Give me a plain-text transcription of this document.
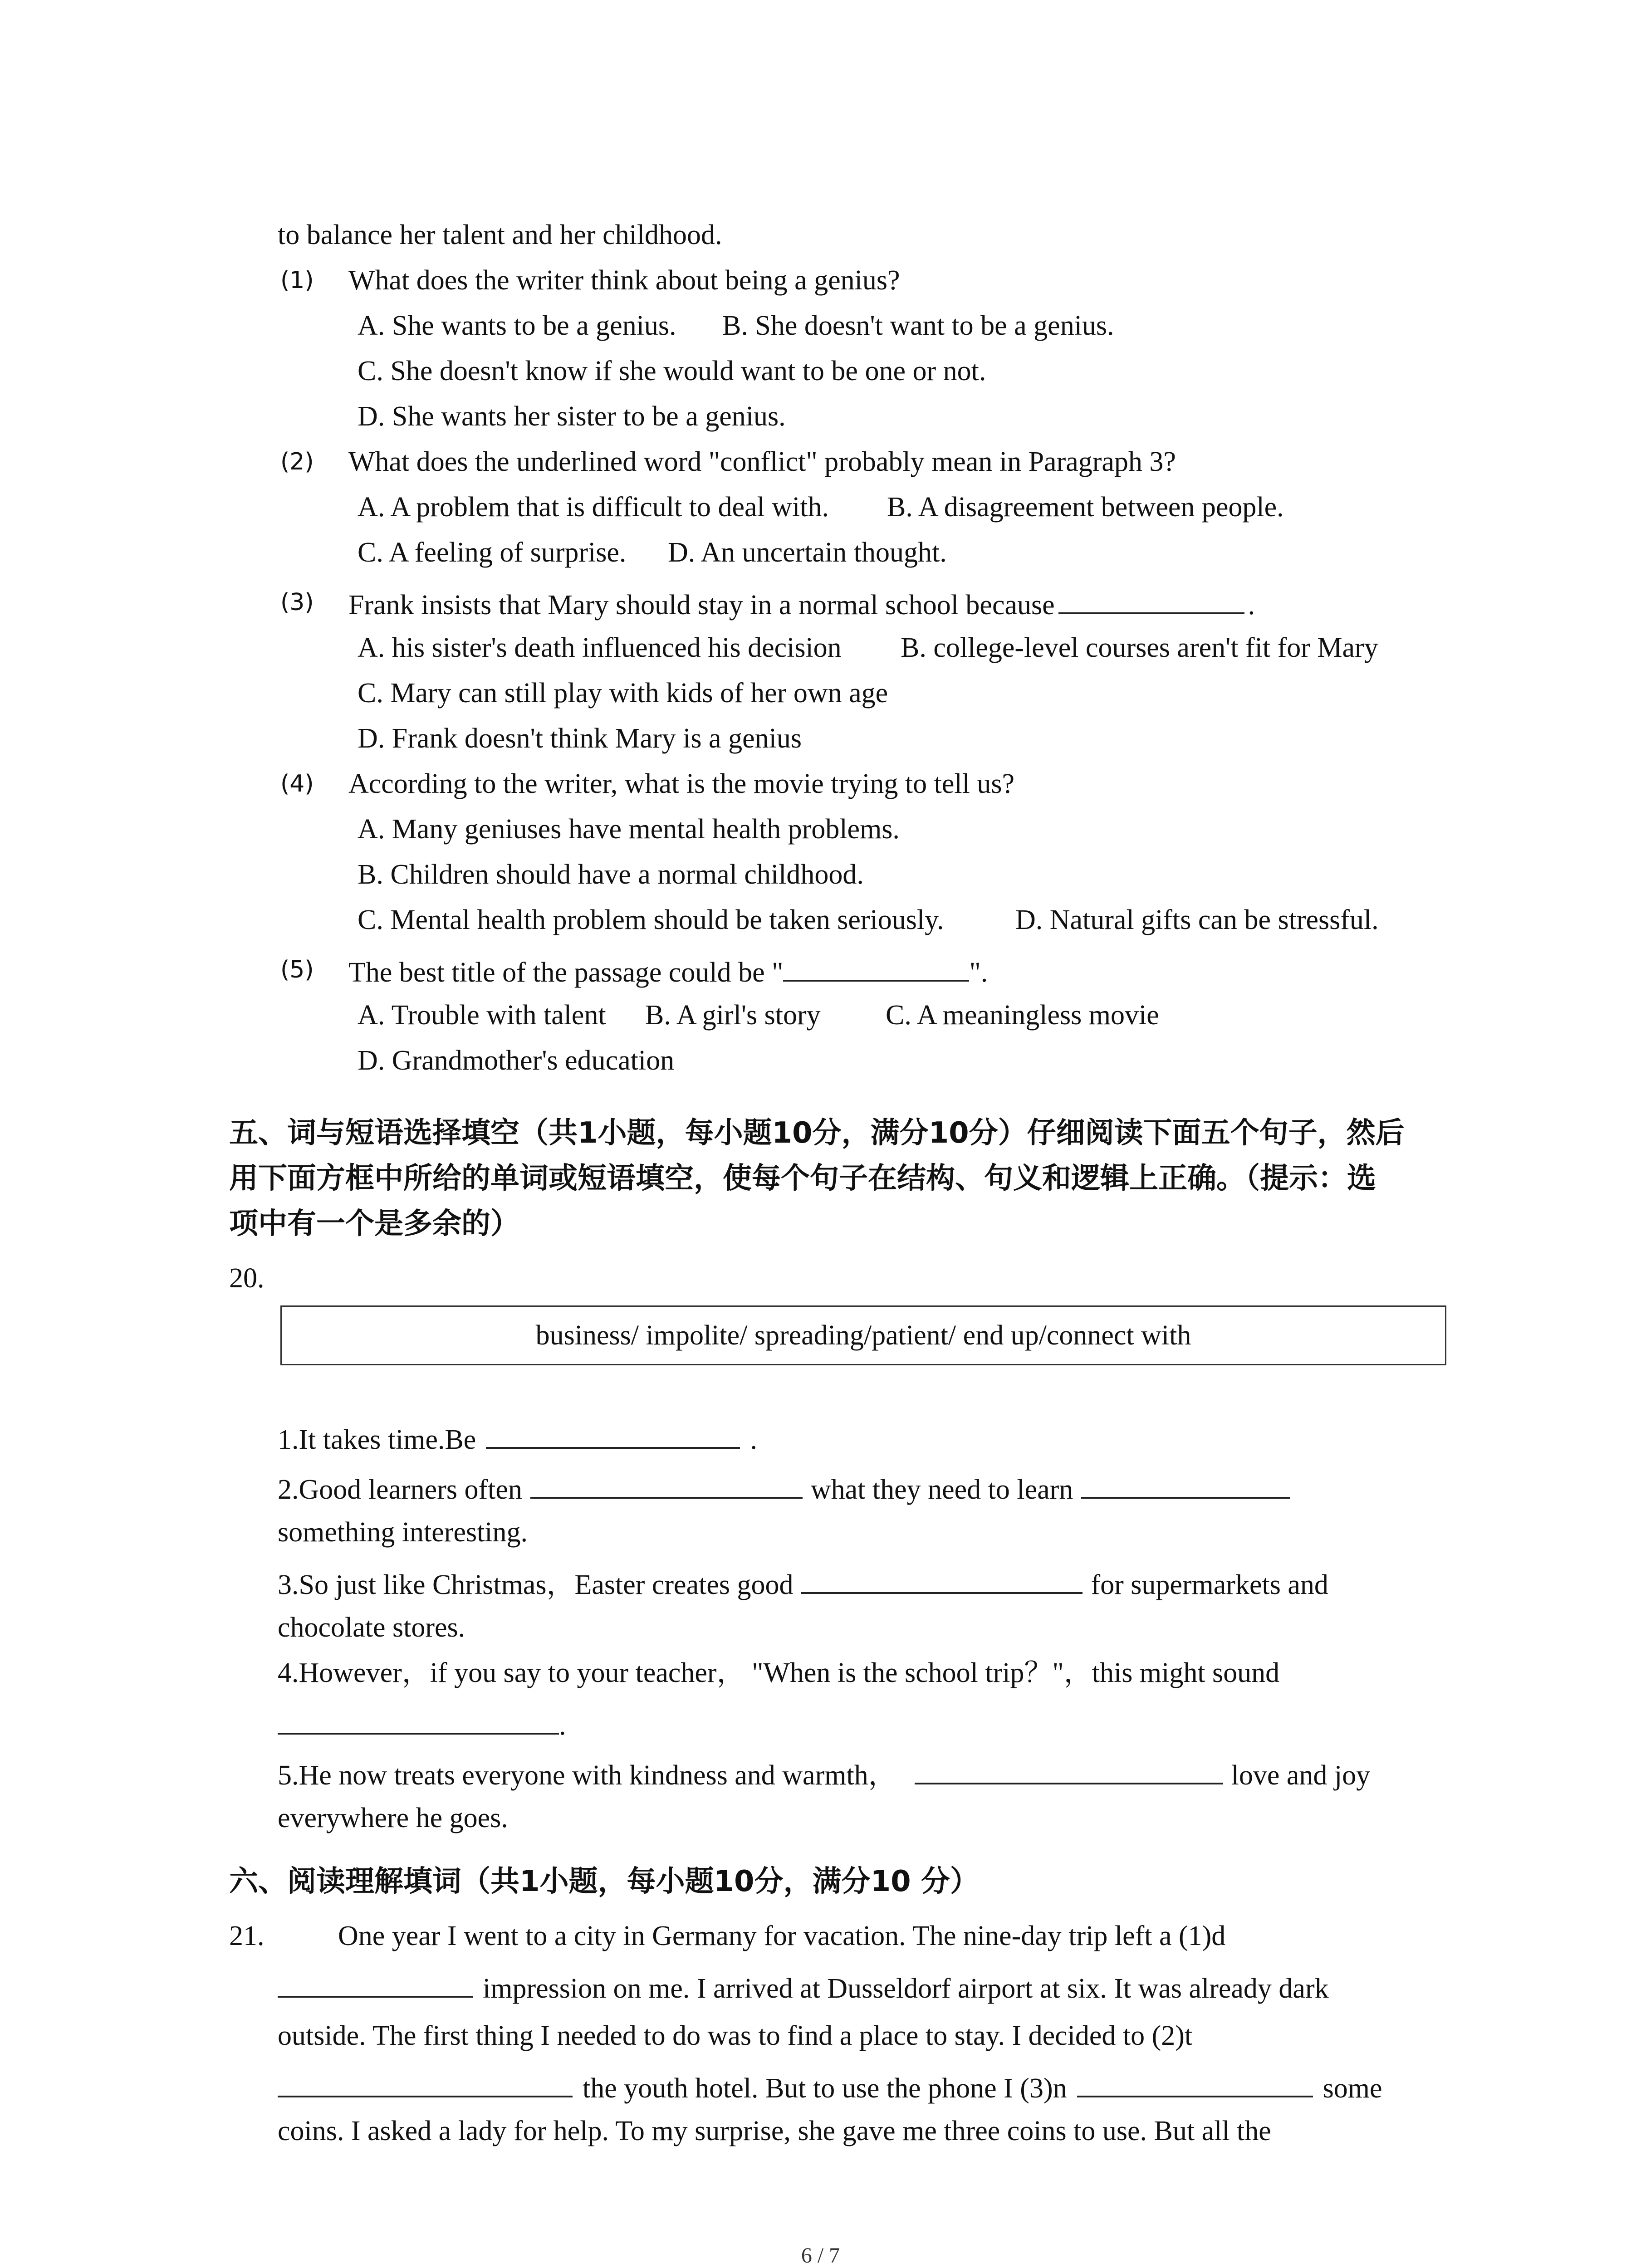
to balance her talent and her childhood.
(1) What does the writer think about being a genius?
A. She wants to be a genius. B. She doesn't want to be a genius.
C. She doesn't know if she would want to be one or not.
D. She wants her sister to be a genius.
(2) What does the underlined word "conflict" probably mean in Paragraph 3?
A. A problem that is difficult to deal with. B. A disagreement between people.
C. A feeling of surprise. D. An uncertain thought.
(3) Frank insists that Mary should stay in a normal school because	.
A. his sister's death influenced his decision B. college-level courses aren't fit for Mary
C. Mary can still play with kids of her own age
D. Frank doesn't think Mary is a genius
(4) According to the writer, what is the movie trying to tell us?
A. Many geniuses have mental health problems.
B. Children should have a normal childhood.
C. Mental health problem should be taken seriously.	D. Natural gifts can be stressful.
(5) The best title of the passage could be "	".
A. Trouble with talent B. A girl's story C. A meaningless movie
D. Grandmother's education
五、词与短语选择填空（共1小题，每小题10分，满分10分）仔细阅读下面五个句子，然后
用下面方框中所给的单词或短语填空，使每个句子在结构、句义和逻辑上正确。（提示：选
项中有一个是多余的）
20.
business/ impolite/ spreading/patient/ end up/connect with
1.It takes time.Be	.
2.Good learners often	what they need to learn
something interesting.
3.So just like Christmas，Easter creates good	for supermarkets and
chocolate stores.
4.However，if you say to your teacher， "When is the school trip？"，this might sound
.
5.He now treats everyone with kindness and warmth，	love and joy
everywhere he goes.
六、阅读理解填词（共1小题，每小题10分，满分10 分）
21.	One year I went to a city in Germany for vacation. The nine-day trip left a (1)d
impression on me. I arrived at Dusseldorf airport at six. It was already dark
outside. The first thing I needed to do was to find a place to stay. I decided to (2)t
the youth hotel. But to use the phone I (3)n	some
coins. I asked a lady for help. To my surprise, she gave me three coins to use. But all the
6 / 7
